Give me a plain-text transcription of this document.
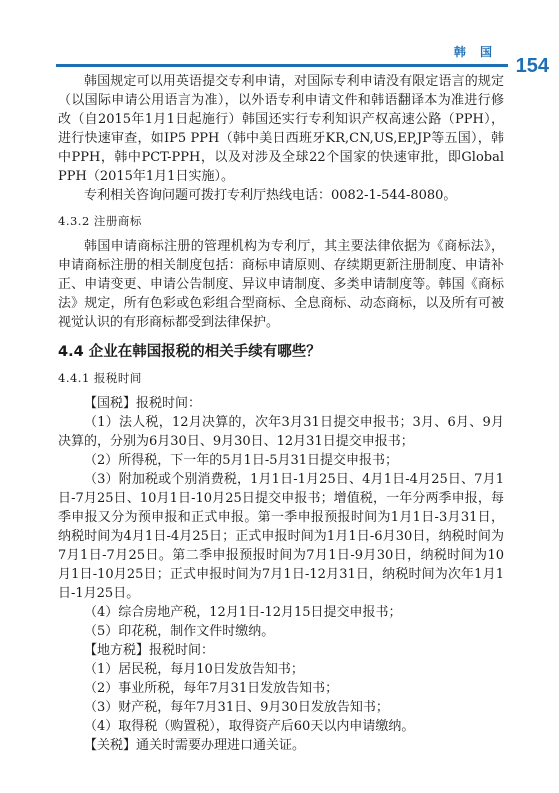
韩 国
154

韩国规定可以用英语提交专利申请，对国际专利申请没有限定语言的规定（以国际申请公用语言为准），以外语专利申请文件和韩语翻译本为准进行修改（自2015年1月1日起施行）韩国还实行专利知识产权高速公路（PPH），进行快速审查，如IP5 PPH（韩中美日西班牙KR,CN,US,EP,JP等五国），韩中PPH，韩中PCT-PPH，以及对涉及全球22个国家的快速审批，即Global PPH（2015年1月1日实施）。

专利相关咨询问题可拨打专利厅热线电话：0082-1-544-8080。

4.3.2 注册商标

韩国申请商标注册的管理机构为专利厅，其主要法律依据为《商标法》，申请商标注册的相关制度包括：商标申请原则、存续期更新注册制度、申请补正、申请变更、申请公告制度、异议申请制度、多类申请制度等。韩国《商标法》规定，所有色彩或色彩组合型商标、全息商标、动态商标，以及所有可被视觉认识的有形商标都受到法律保护。

4.4 企业在韩国报税的相关手续有哪些？
4.4.1 报税时间

【国税】报税时间：

（1）法人税，12月决算的，次年3月31日提交申报书；3月、6月、9月决算的，分别为6月30日、9月30日、12月31日提交申报书；

（2）所得税，下一年的5月1日-5月31日提交申报书；

（3）附加税或个别消费税，1月1日-1月25日、4月1日-4月25日、7月1日-7月25日、10月1日-10月25日提交申报书；增值税，一年分两季申报，每季申报又分为预申报和正式申报。第一季申报预报时间为1月1日-3月31日，纳税时间为4月1日-4月25日；正式申报时间为1月1日-6月30日，纳税时间为7月1日-7月25日。第二季申报预报时间为7月1日-9月30日，纳税时间为10月1日-10月25日；正式申报时间为7月1日-12月31日，纳税时间为次年1月1日-1月25日。

（4）综合房地产税，12月1日-12月15日提交申报书；

（5）印花税，制作文件时缴纳。

【地方税】报税时间：

（1）居民税，每月10日发放告知书；

（2）事业所税，每年7月31日发放告知书；

（3）财产税，每年7月31日、9月30日发放告知书；

（4）取得税（购置税），取得资产后60天以内申请缴纳。

【关税】通关时需要办理进口通关证。
